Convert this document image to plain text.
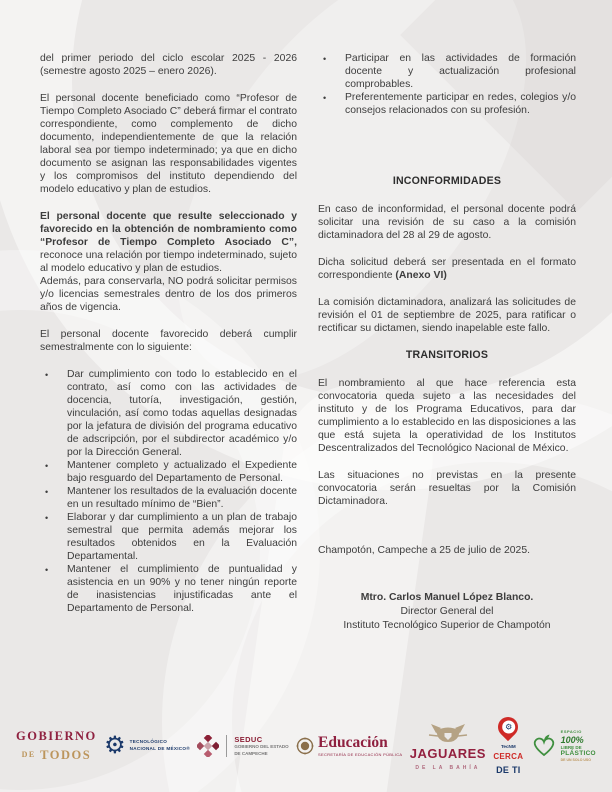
del primer periodo del ciclo escolar 2025 - 2026 (semestre agosto 2025 – enero 2026).

El personal docente beneficiado como “Profesor de Tiempo Completo Asociado C” deberá firmar el contrato correspondiente, como complemento de dicho documento, independientemente de que la relación laboral sea por tiempo indeterminado; ya que en dicho documento se asignan las responsabilidades vigentes y los compromisos del instituto dependiendo del modelo educativo y plan de estudios.

El personal docente que resulte seleccionado y favorecido en la obtención de nombramiento como “Profesor de Tiempo Completo Asociado C”, reconoce una relación por tiempo indeterminado, sujeto al modelo educativo y plan de estudios.

Además, para conservarla, NO podrá solicitar permisos y/o licencias semestrales dentro de los dos primeros años de vigencia.

El personal docente favorecido deberá cumplir semestralmente con lo siguiente:

•
Dar cumplimiento con todo lo establecido en el contrato, así como con las actividades de docencia, tutoría, investigación, gestión, vinculación, así como todas aquellas designadas por la jefatura de división del programa educativo de adscripción, por el subdirector académico y/o por la Dirección General.
•
Mantener completo y actualizado el Expediente bajo resguardo del Departamento de Personal.
•
Mantener los resultados de la evaluación docente en un resultado mínimo de “Bien”.
•
Elaborar y dar cumplimiento a un plan de trabajo semestral que permita además mejorar los resultados obtenidos en la Evaluación Departamental.
•
Mantener el cumplimiento de puntualidad y asistencia en un 90% y no tener ningún reporte de inasistencias injustificadas ante el Departamento de Personal.
•
Participar en las actividades de formación docente y actualización profesional comprobables.
•
Preferentemente participar en redes, colegios y/o consejos relacionados con su profesión.
INCONFORMIDADES

En caso de inconformidad, el personal docente podrá solicitar una revisión de su caso a la comisión dictaminadora del 28 al 29 de agosto.

Dicha solicitud deberá ser presentada en el formato correspondiente (Anexo VI)

La comisión dictaminadora, analizará las solicitudes de revisión el 01 de septiembre de 2025, para ratificar o rectificar su dictamen, siendo inapelable este fallo.

TRANSITORIOS

El nombramiento al que hace referencia esta convocatoria queda sujeto a las necesidades del instituto y de los Programa Educativos, para dar cumplimiento a lo establecido en las disposiciones a las que está sujeta la operatividad de los Institutos Descentralizados del Tecnológico Nacional de México.

Las situaciones no previstas en la presente convocatoria serán resueltas por la Comisión Dictaminadora.

Champotón, Campeche a 25 de julio de 2025.

Mtro. Carlos Manuel López Blanco.
Director General del
Instituto Tecnológico Superior de Champotón
GOBIERNO
DE TODOS ⚙ TECNOLÓGICO
NACIONAL DE MÉXICO®
SEDUC
GOBIERNO DEL ESTADO
DE CAMPECHE
Educación
SECRETARÍA DE EDUCACIÓN PÚBLICA JAGUARES
DE LA BAHÍA
⚙
TecNM
CERCA
DE TI
ESPACIO
100%
LIBRE DE
PLÁSTICO
DE UN SOLO USO
